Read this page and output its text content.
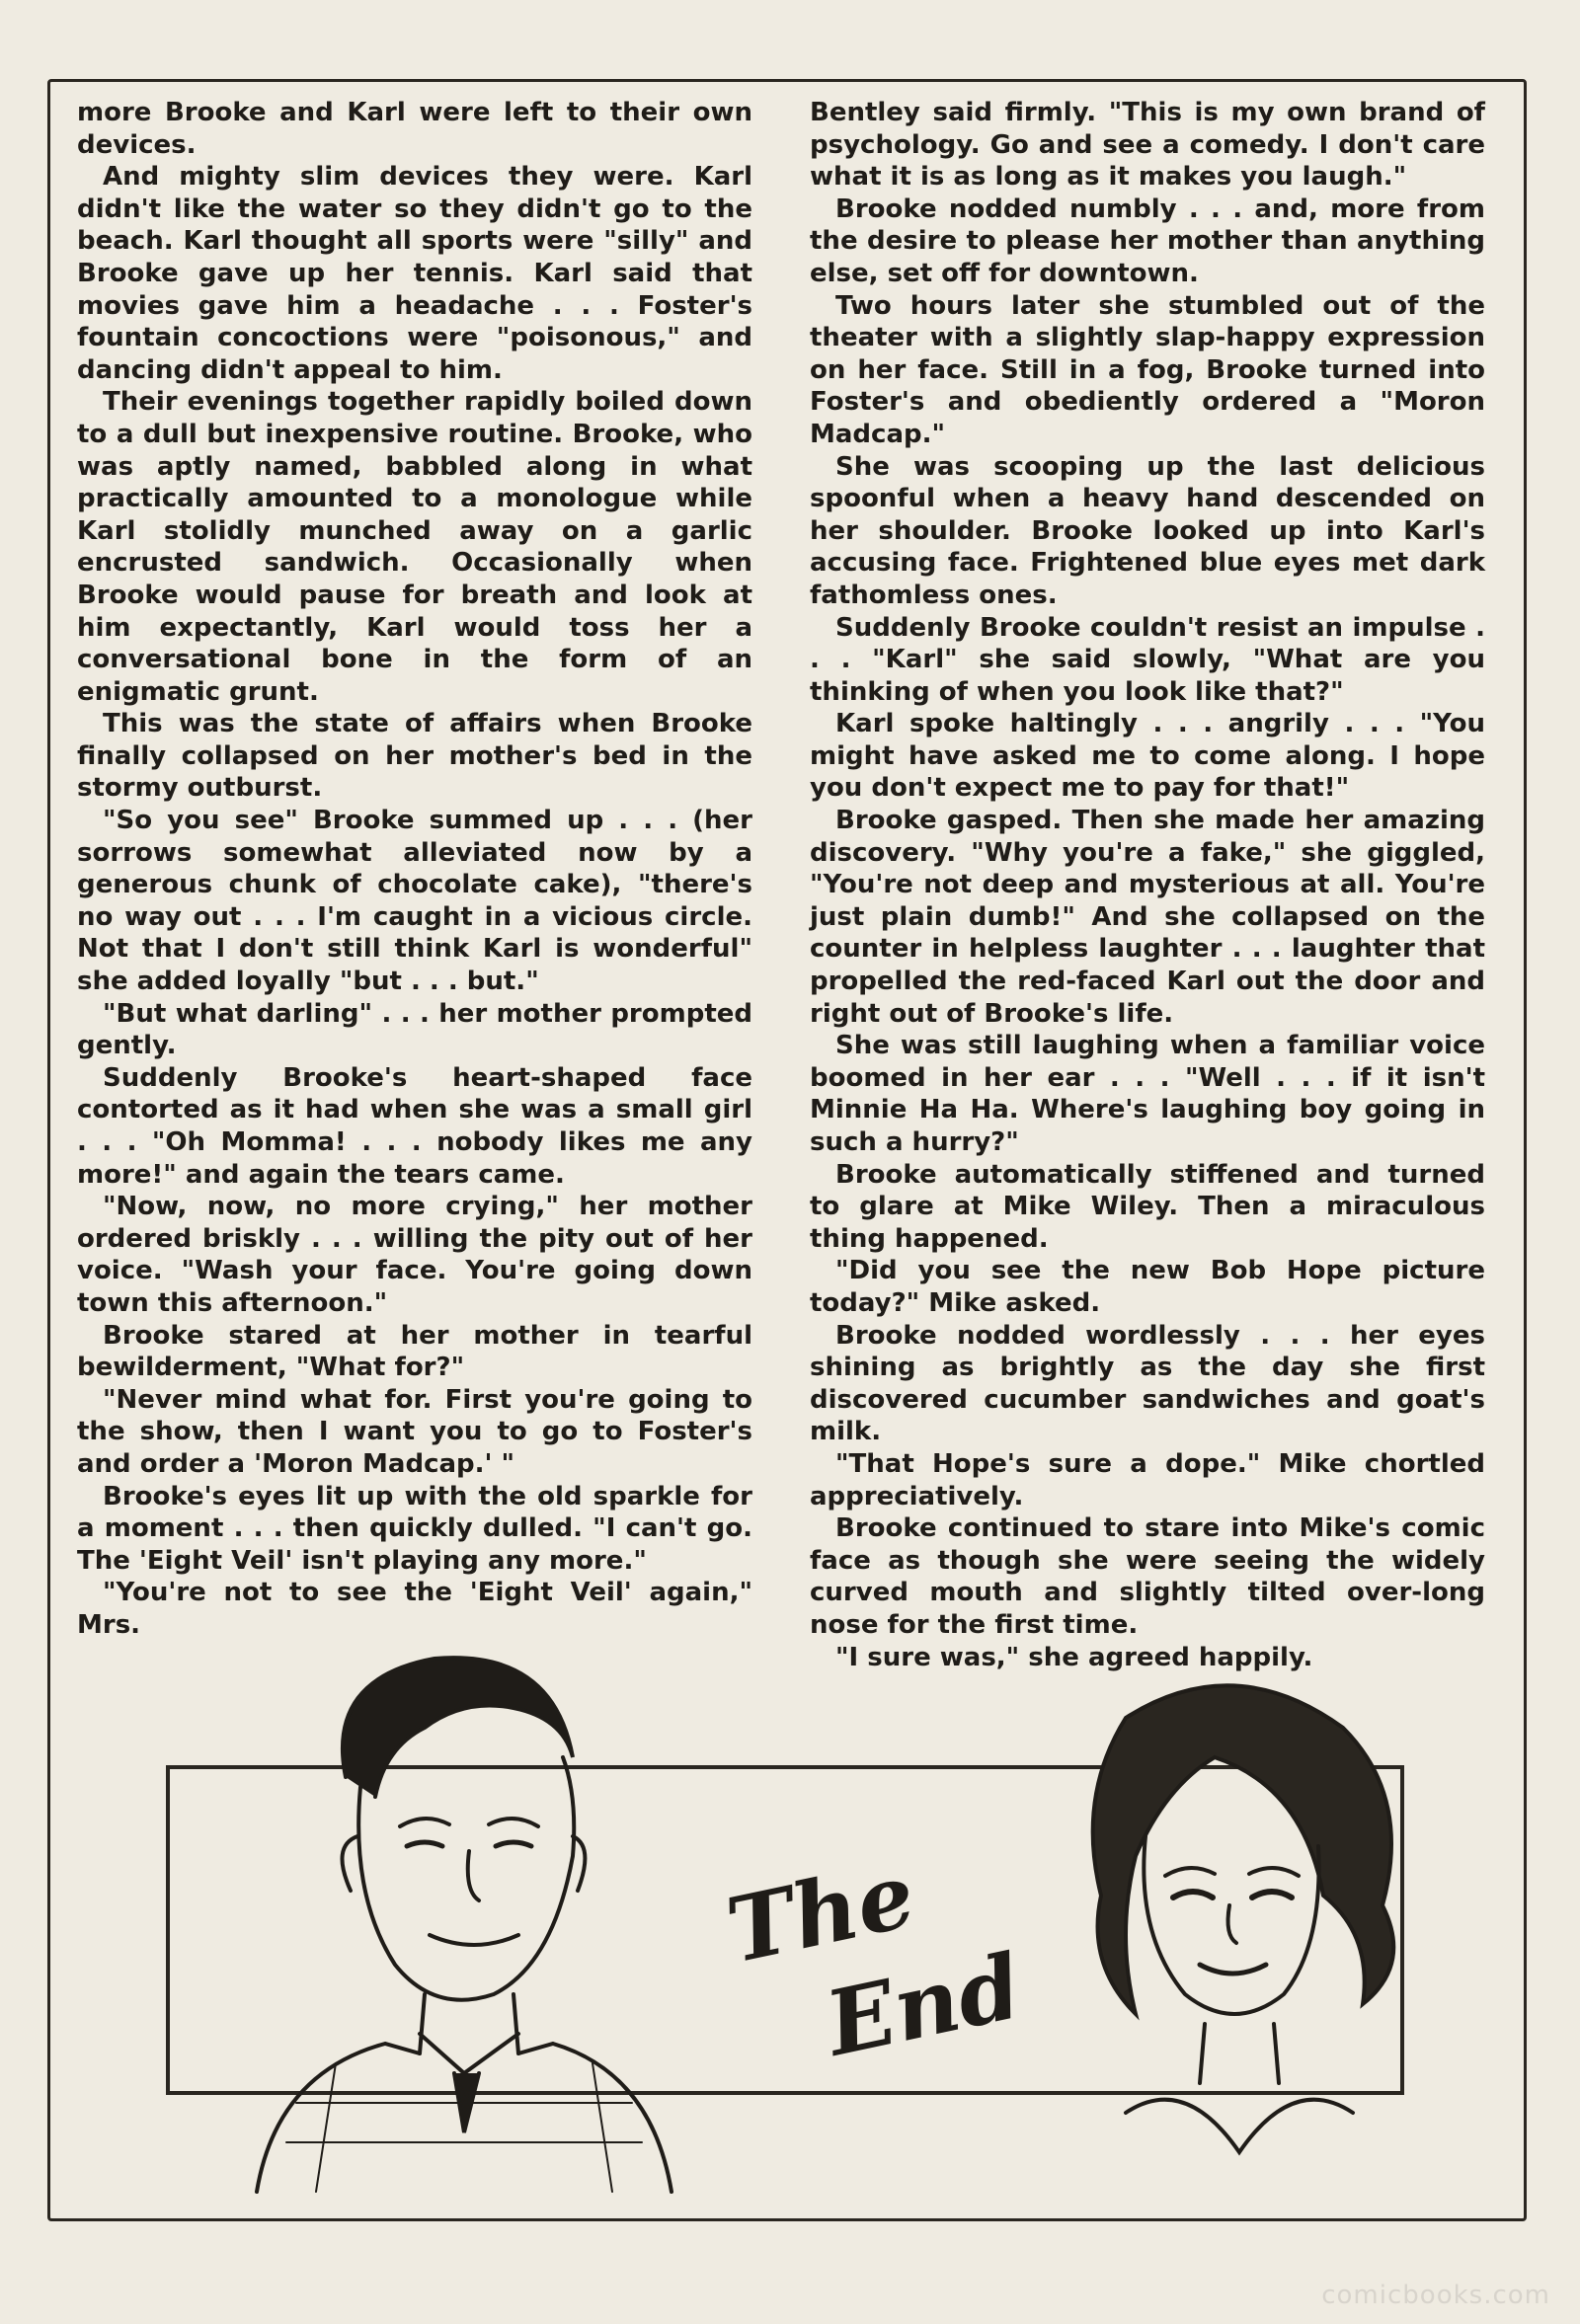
more Brooke and Karl were left to their own devices.

And mighty slim devices they were. Karl didn't like the water so they didn't go to the beach. Karl thought all sports were "silly" and Brooke gave up her tennis. Karl said that movies gave him a headache . . . Foster's fountain concoctions were "poisonous," and dancing didn't appeal to him.

Their evenings together rapidly boiled down to a dull but inexpensive routine. Brooke, who was aptly named, babbled along in what practically amounted to a monologue while Karl stolidly munched away on a garlic encrusted sandwich. Occasionally when Brooke would pause for breath and look at him expectantly, Karl would toss her a conversational bone in the form of an enigmatic grunt.

This was the state of affairs when Brooke finally collapsed on her mother's bed in the stormy outburst.

"So you see" Brooke summed up . . . (her sorrows somewhat alleviated now by a generous chunk of chocolate cake), "there's no way out . . . I'm caught in a vicious circle. Not that I don't still think Karl is wonderful" she added loyally "but . . . but."

"But what darling" . . . her mother prompted gently.

Suddenly Brooke's heart-shaped face contorted as it had when she was a small girl . . . "Oh Momma! . . . nobody likes me any more!" and again the tears came.

"Now, now, no more crying," her mother ordered briskly . . . willing the pity out of her voice. "Wash your face. You're going down town this afternoon."

Brooke stared at her mother in tearful bewilderment, "What for?"

"Never mind what for. First you're going to the show, then I want you to go to Foster's and order a 'Moron Madcap.' "

Brooke's eyes lit up with the old sparkle for a moment . . . then quickly dulled. "I can't go. The 'Eight Veil' isn't playing any more."

"You're not to see the 'Eight Veil' again," Mrs.

Bentley said firmly. "This is my own brand of psychology. Go and see a comedy. I don't care what it is as long as it makes you laugh."

Brooke nodded numbly . . . and, more from the desire to please her mother than anything else, set off for downtown.

Two hours later she stumbled out of the theater with a slightly slap-happy expression on her face. Still in a fog, Brooke turned into Foster's and obediently ordered a "Moron Madcap."

She was scooping up the last delicious spoonful when a heavy hand descended on her shoulder. Brooke looked up into Karl's accusing face. Frightened blue eyes met dark fathomless ones.

Suddenly Brooke couldn't resist an impulse . . . "Karl" she said slowly, "What are you thinking of when you look like that?"

Karl spoke haltingly . . . angrily . . . "You might have asked me to come along. I hope you don't expect me to pay for that!"

Brooke gasped. Then she made her amazing discovery. "Why you're a fake," she giggled, "You're not deep and mysterious at all. You're just plain dumb!" And she collapsed on the counter in helpless laughter . . . laughter that propelled the red-faced Karl out the door and right out of Brooke's life.

She was still laughing when a familiar voice boomed in her ear . . . "Well . . . if it isn't Minnie Ha Ha. Where's laughing boy going in such a hurry?"

Brooke automatically stiffened and turned to glare at Mike Wiley. Then a miraculous thing happened.

"Did you see the new Bob Hope picture today?" Mike asked.

Brooke nodded wordlessly . . . her eyes shining as brightly as the day she first discovered cucumber sandwiches and goat's milk.

"That Hope's sure a dope." Mike chortled appreciatively.

Brooke continued to stare into Mike's comic face as though she were seeing the widely curved mouth and slightly tilted over-long nose for the first time.

"I sure was," she agreed happily.

The
End
comicbooks.com
